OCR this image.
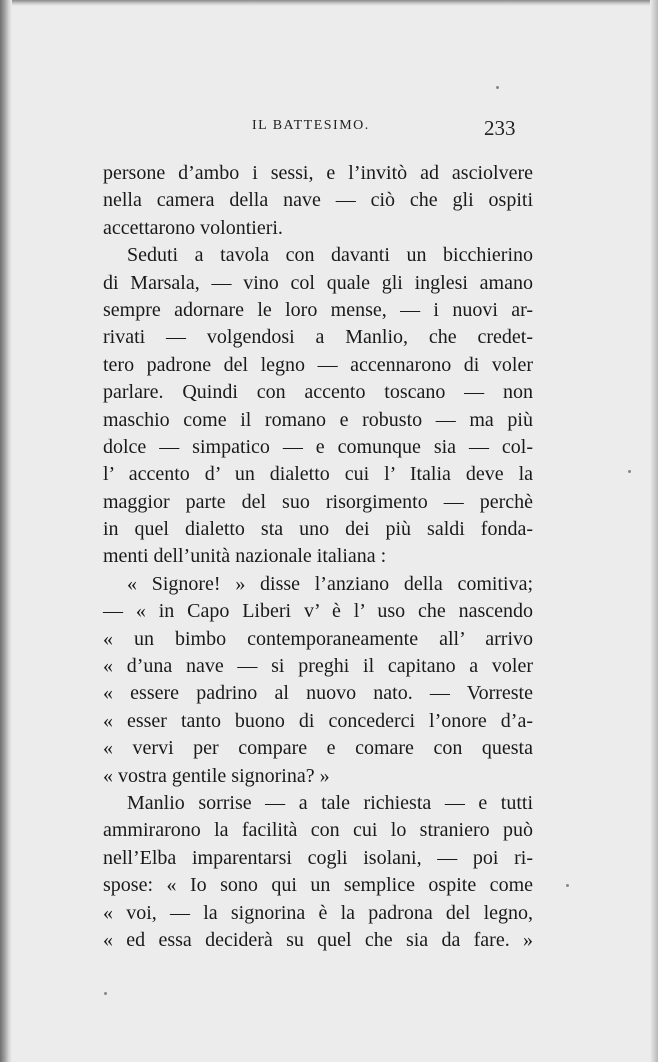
IL BATTESIMO.	233
persone d’ambo i sessi, e l’invitò ad asciolvere
nella camera della nave — ciò che gli ospiti
accettarono volontieri.
Seduti a tavola con davanti un bicchierino
di Marsala, — vino col quale gli inglesi amano
sempre adornare le loro mense, — i nuovi ar-
rivati — volgendosi a Manlio, che credet-
tero padrone del legno — accennarono di voler
parlare. Quindi con accento toscano — non
maschio come il romano e robusto — ma più
dolce — simpatico — e comunque sia — col-
l’ accento d’ un dialetto cui l’ Italia deve la
maggior parte del suo risorgimento — perchè
in quel dialetto sta uno dei più saldi fonda-
menti dell’unità nazionale italiana :
« Signore! » disse l’anziano della comitiva;
— « in Capo Liberi v’ è l’ uso che nascendo
« un bimbo contemporaneamente all’ arrivo
« d’una nave — si preghi il capitano a voler
« essere padrino al nuovo nato. — Vorreste
« esser tanto buono di concederci l’onore d’a-
« vervi per compare e comare con questa
« vostra gentile signorina? »
Manlio sorrise — a tale richiesta — e tutti
ammirarono la facilità con cui lo straniero può
nell’Elba imparentarsi cogli isolani, — poi ri-
spose: « Io sono qui un semplice ospite come
« voi, — la signorina è la padrona del legno,
« ed essa deciderà su quel che sia da fare. »
